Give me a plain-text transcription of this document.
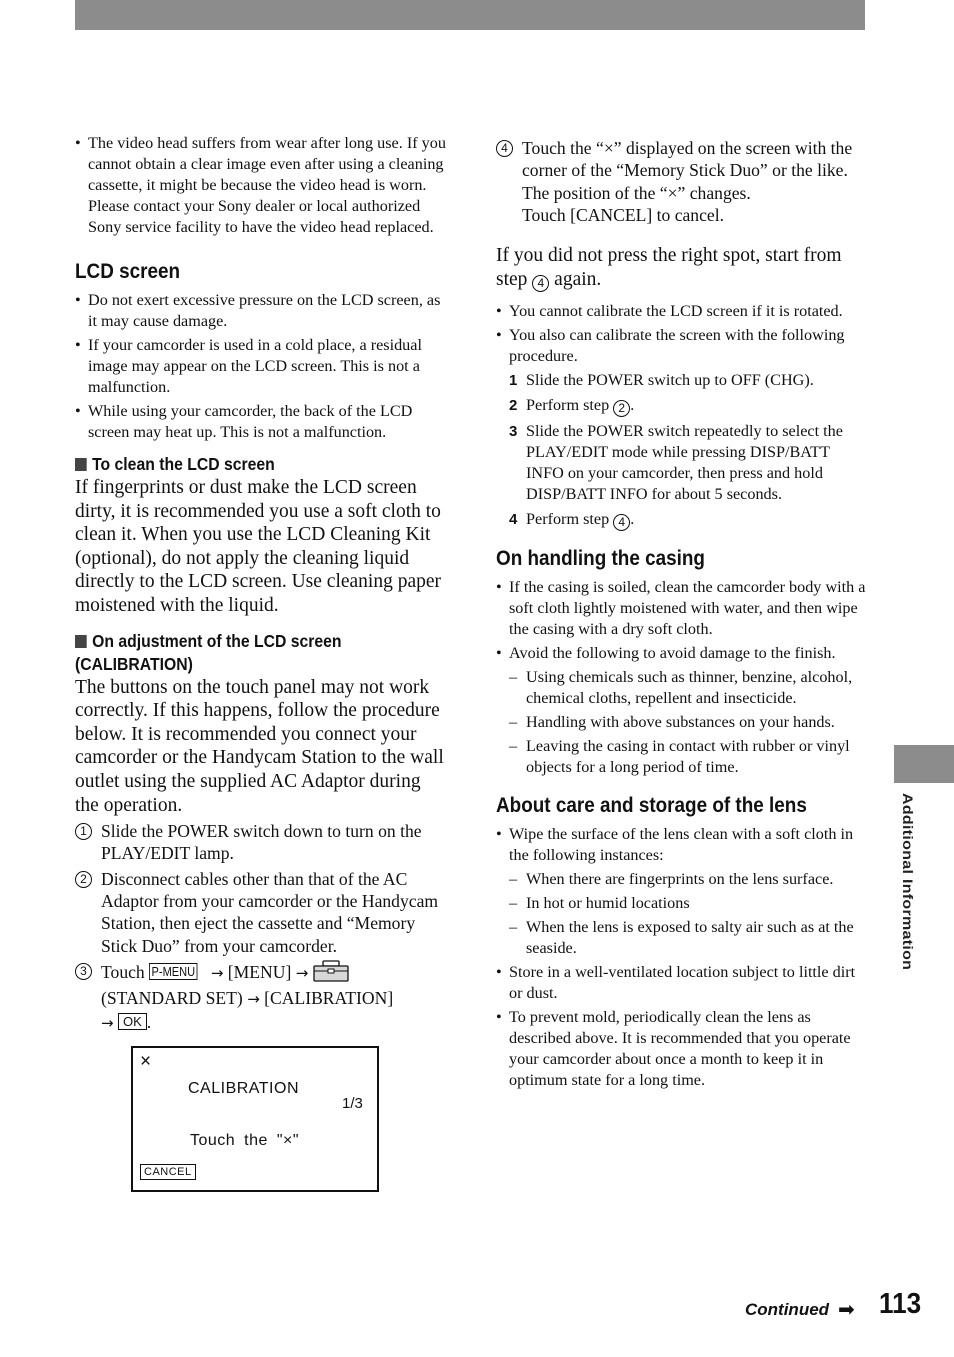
Additional Information
• The video head suffers from wear after long use. If you cannot obtain a clear image even after using a cleaning cassette, it might be because the video head is worn. Please contact your Sony dealer or local authorized Sony service facility to have the video head replaced.
LCD screen
• Do not exert excessive pressure on the LCD screen, as it may cause damage.
• If your camcorder is used in a cold place, a residual image may appear on the LCD screen. This is not a malfunction.
• While using your camcorder, the back of the LCD screen may heat up. This is not a malfunction.
To clean the LCD screen

If fingerprints or dust make the LCD screen dirty, it is recommended you use a soft cloth to clean it. When you use the LCD Cleaning Kit (optional), do not apply the cleaning liquid directly to the LCD screen. Use cleaning paper moistened with the liquid.

On adjustment of the LCD screen
(CALIBRATION)

The buttons on the touch panel may not work correctly. If this happens, follow the procedure below. It is recommended you connect your camcorder or the Handycam Station to the wall outlet using the supplied AC Adaptor during the operation.

1 Slide the POWER switch down to turn on the PLAY/EDIT lamp.
2 Disconnect cables other than that of the AC Adaptor from your camcorder or the Handycam Station, then eject the cassette and “Memory Stick Duo” from your camcorder.
3 Touch P-MENU → [MENU] →
(STANDARD SET) → [CALIBRATION]
→ OK .
×
CALIBRATION
1/3
Touch the "×"
CANCEL
4 Touch the “×” displayed on the screen with the corner of the “Memory Stick Duo” or the like.
The position of the “×” changes.
Touch [CANCEL] to cancel.

If you did not press the right spot, start from step 4 again.

• You cannot calibrate the LCD screen if it is rotated.
• You also can calibrate the screen with the following procedure.
1 Slide the POWER switch up to OFF (CHG).
2 Perform step 2 .
3 Slide the POWER switch repeatedly to select the PLAY/EDIT mode while pressing DISP/BATT INFO on your camcorder, then press and hold DISP/BATT INFO for about 5 seconds.
4 Perform step 4 .
On handling the casing
• If the casing is soiled, clean the camcorder body with a soft cloth lightly moistened with water, and then wipe the casing with a dry soft cloth.
• Avoid the following to avoid damage to the finish.
– Using chemicals such as thinner, benzine, alcohol, chemical cloths, repellent and insecticide.
– Handling with above substances on your hands.
– Leaving the casing in contact with rubber or vinyl objects for a long period of time.
About care and storage of the lens
• Wipe the surface of the lens clean with a soft cloth in the following instances:
– When there are fingerprints on the lens surface.
– In hot or humid locations
– When the lens is exposed to salty air such as at the seaside.
• Store in a well-ventilated location subject to little dirt or dust.
• To prevent mold, periodically clean the lens as described above. It is recommended that you operate your camcorder about once a month to keep it in optimum state for a long time.
Continued ➡ 113
